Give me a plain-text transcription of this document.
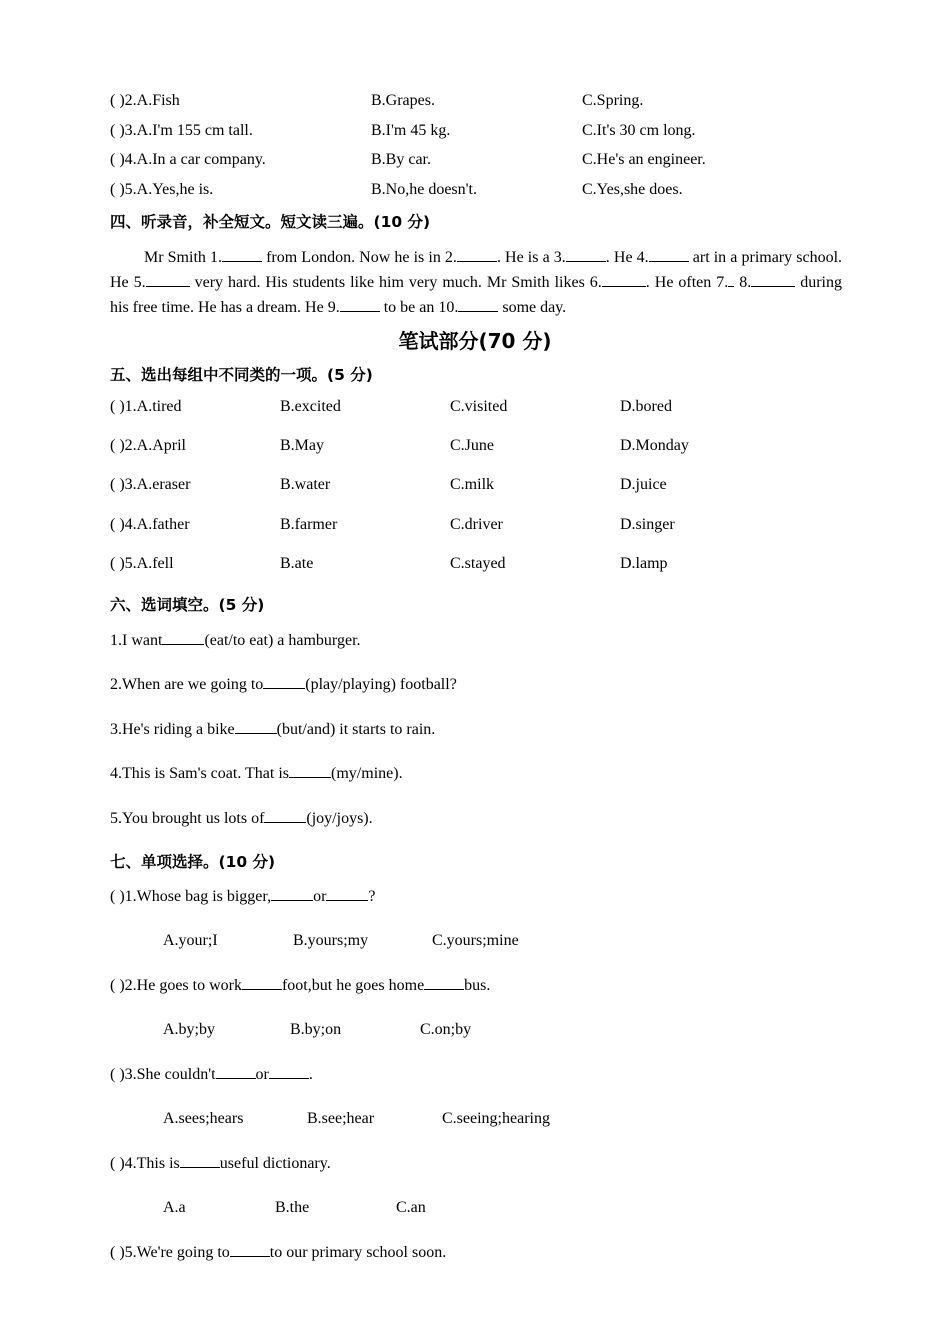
( )2.A.Fish	B.Grapes.	C.Spring.
( )3.A.I'm 155 cm tall.	B.I'm 45 kg.	C.It's 30 cm long.
( )4.A.In a car company.	B.By car.	C.He's an engineer.
( )5.A.Yes,he is.	B.No,he doesn't.	C.Yes,she does.
四、听录音，补全短文。短文读三遍。(10 分)
Mr Smith 1.	from London. Now he is in 2.	. He is a 3.	. He 4.	art in a primary school. He 5.	very hard. His students like him very much. Mr Smith likes 6.	. He often 7. 8.	during his free time. He has a dream. He 9.	to be an 10.	some day.
笔试部分(70 分)
五、选出每组中不同类的一项。(5 分)
( )1.A.tired	B.excited	C.visited	D.bored
( )2.A.April	B.May	C.June	D.Monday
( )3.A.eraser	B.water	C.milk	D.juice
( )4.A.father	B.farmer	C.driver	D.singer
( )5.A.fell	B.ate	C.stayed	D.lamp
六、选词填空。(5 分)
1.I want	(eat/to eat) a hamburger.
2.When are we going to	(play/playing) football?
3.He's riding a bike	(but/and) it starts to rain.
4.This is Sam's coat. That is	(my/mine).
5.You brought us lots of	(joy/joys).
七、单项选择。(10 分)
( )1.Whose bag is bigger,	or	?
A.your;I	B.yours;my	C.yours;mine
( )2.He goes to work	foot,but he goes home	bus.
A.by;by	B.by;on	C.on;by
( )3.She couldn't	or	.
A.sees;hears	B.see;hear	C.seeing;hearing
( )4.This is	useful dictionary.
A.a	B.the	C.an
( )5.We're going to	to our primary school soon.
